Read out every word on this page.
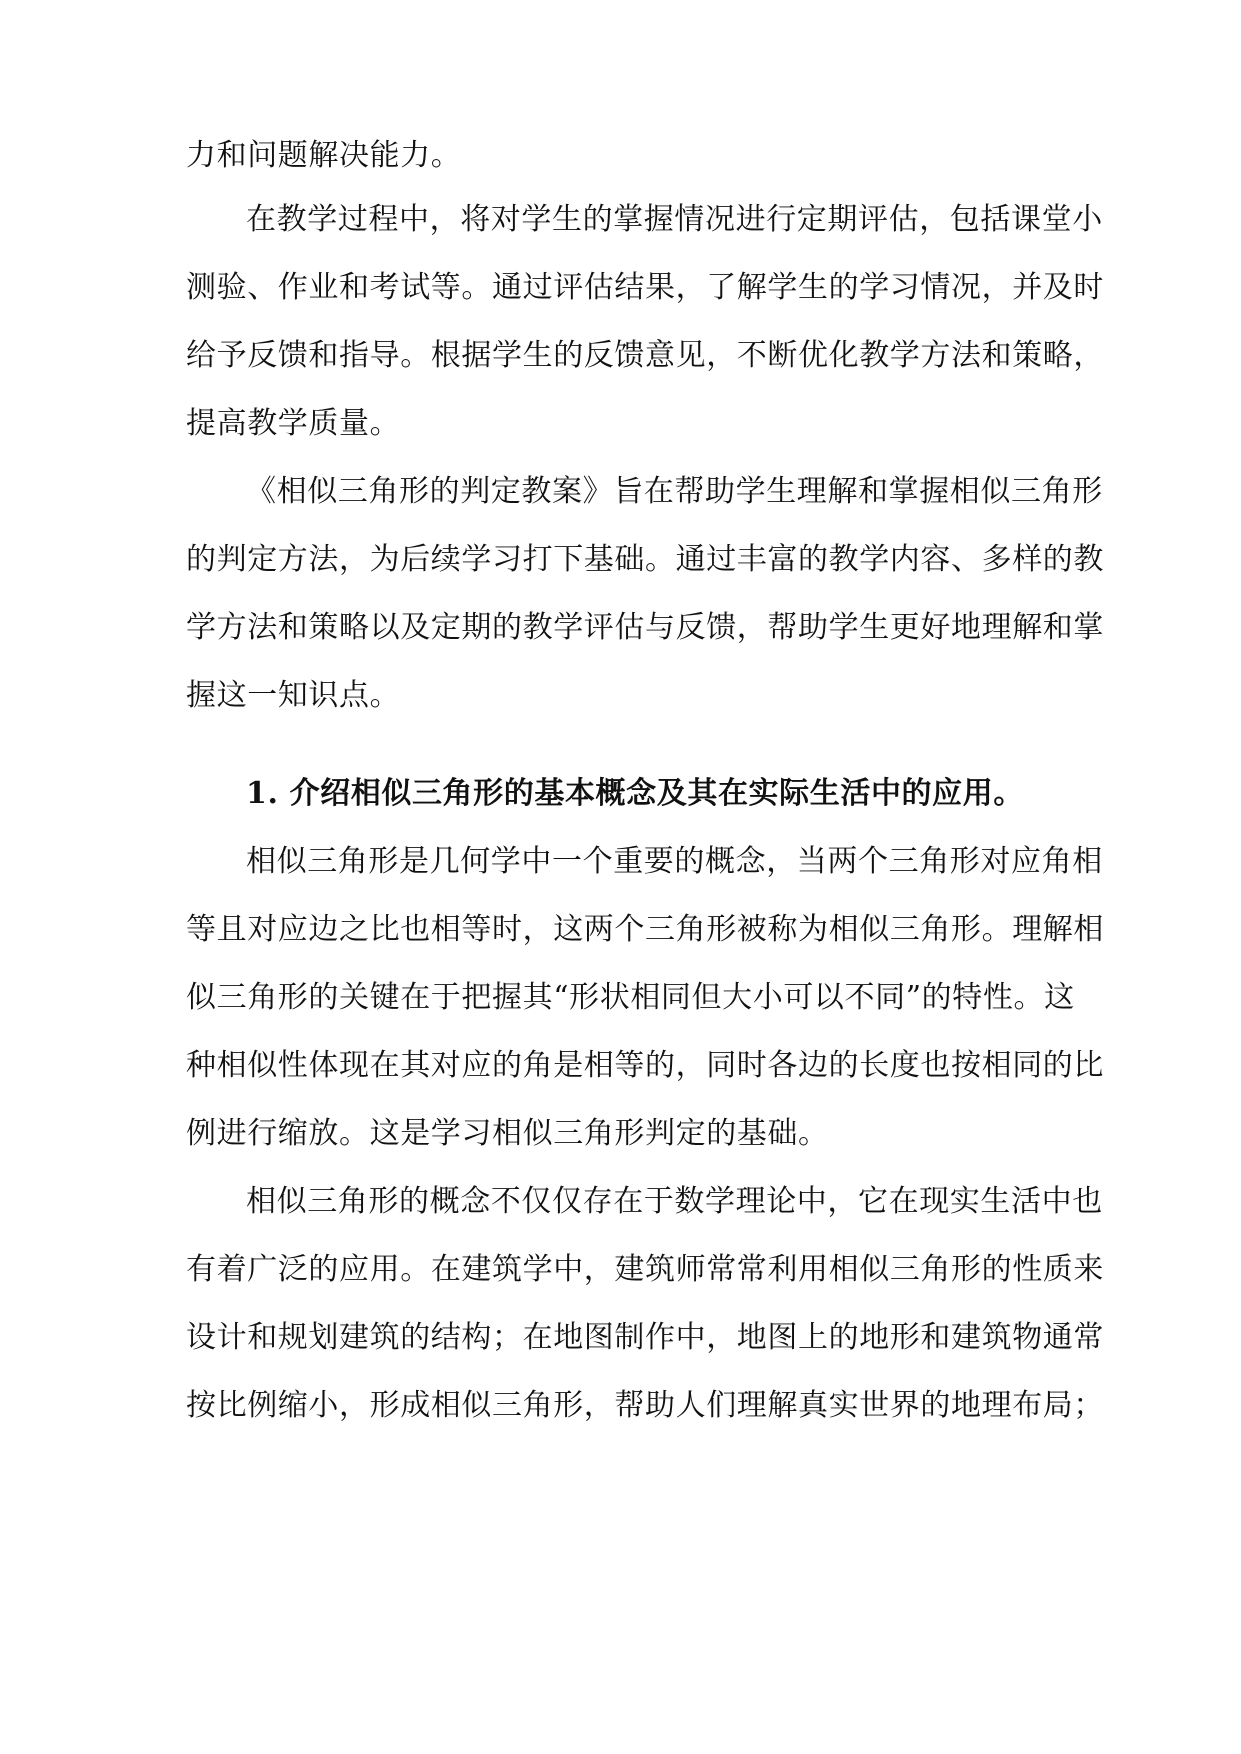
力和问题解决能力。
在教学过程中，将对学生的掌握情况进行定期评估，包括课堂小
测验、作业和考试等。通过评估结果，了解学生的学习情况，并及时
给予反馈和指导。根据学生的反馈意见，不断优化教学方法和策略，
提高教学质量。
《相似三角形的判定教案》旨在帮助学生理解和掌握相似三角形
的判定方法，为后续学习打下基础。通过丰富的教学内容、多样的教
学方法和策略以及定期的教学评估与反馈，帮助学生更好地理解和掌
握这一知识点。
1. 介绍相似三角形的基本概念及其在实际生活中的应用。
相似三角形是几何学中一个重要的概念，当两个三角形对应角相
等且对应边之比也相等时，这两个三角形被称为相似三角形。理解相
似三角形的关键在于把握其“形状相同但大小可以不同”的特性。这
种相似性体现在其对应的角是相等的，同时各边的长度也按相同的比
例进行缩放。这是学习相似三角形判定的基础。
相似三角形的概念不仅仅存在于数学理论中，它在现实生活中也
有着广泛的应用。在建筑学中，建筑师常常利用相似三角形的性质来
设计和规划建筑的结构；在地图制作中，地图上的地形和建筑物通常
按比例缩小，形成相似三角形，帮助人们理解真实世界的地理布局；
